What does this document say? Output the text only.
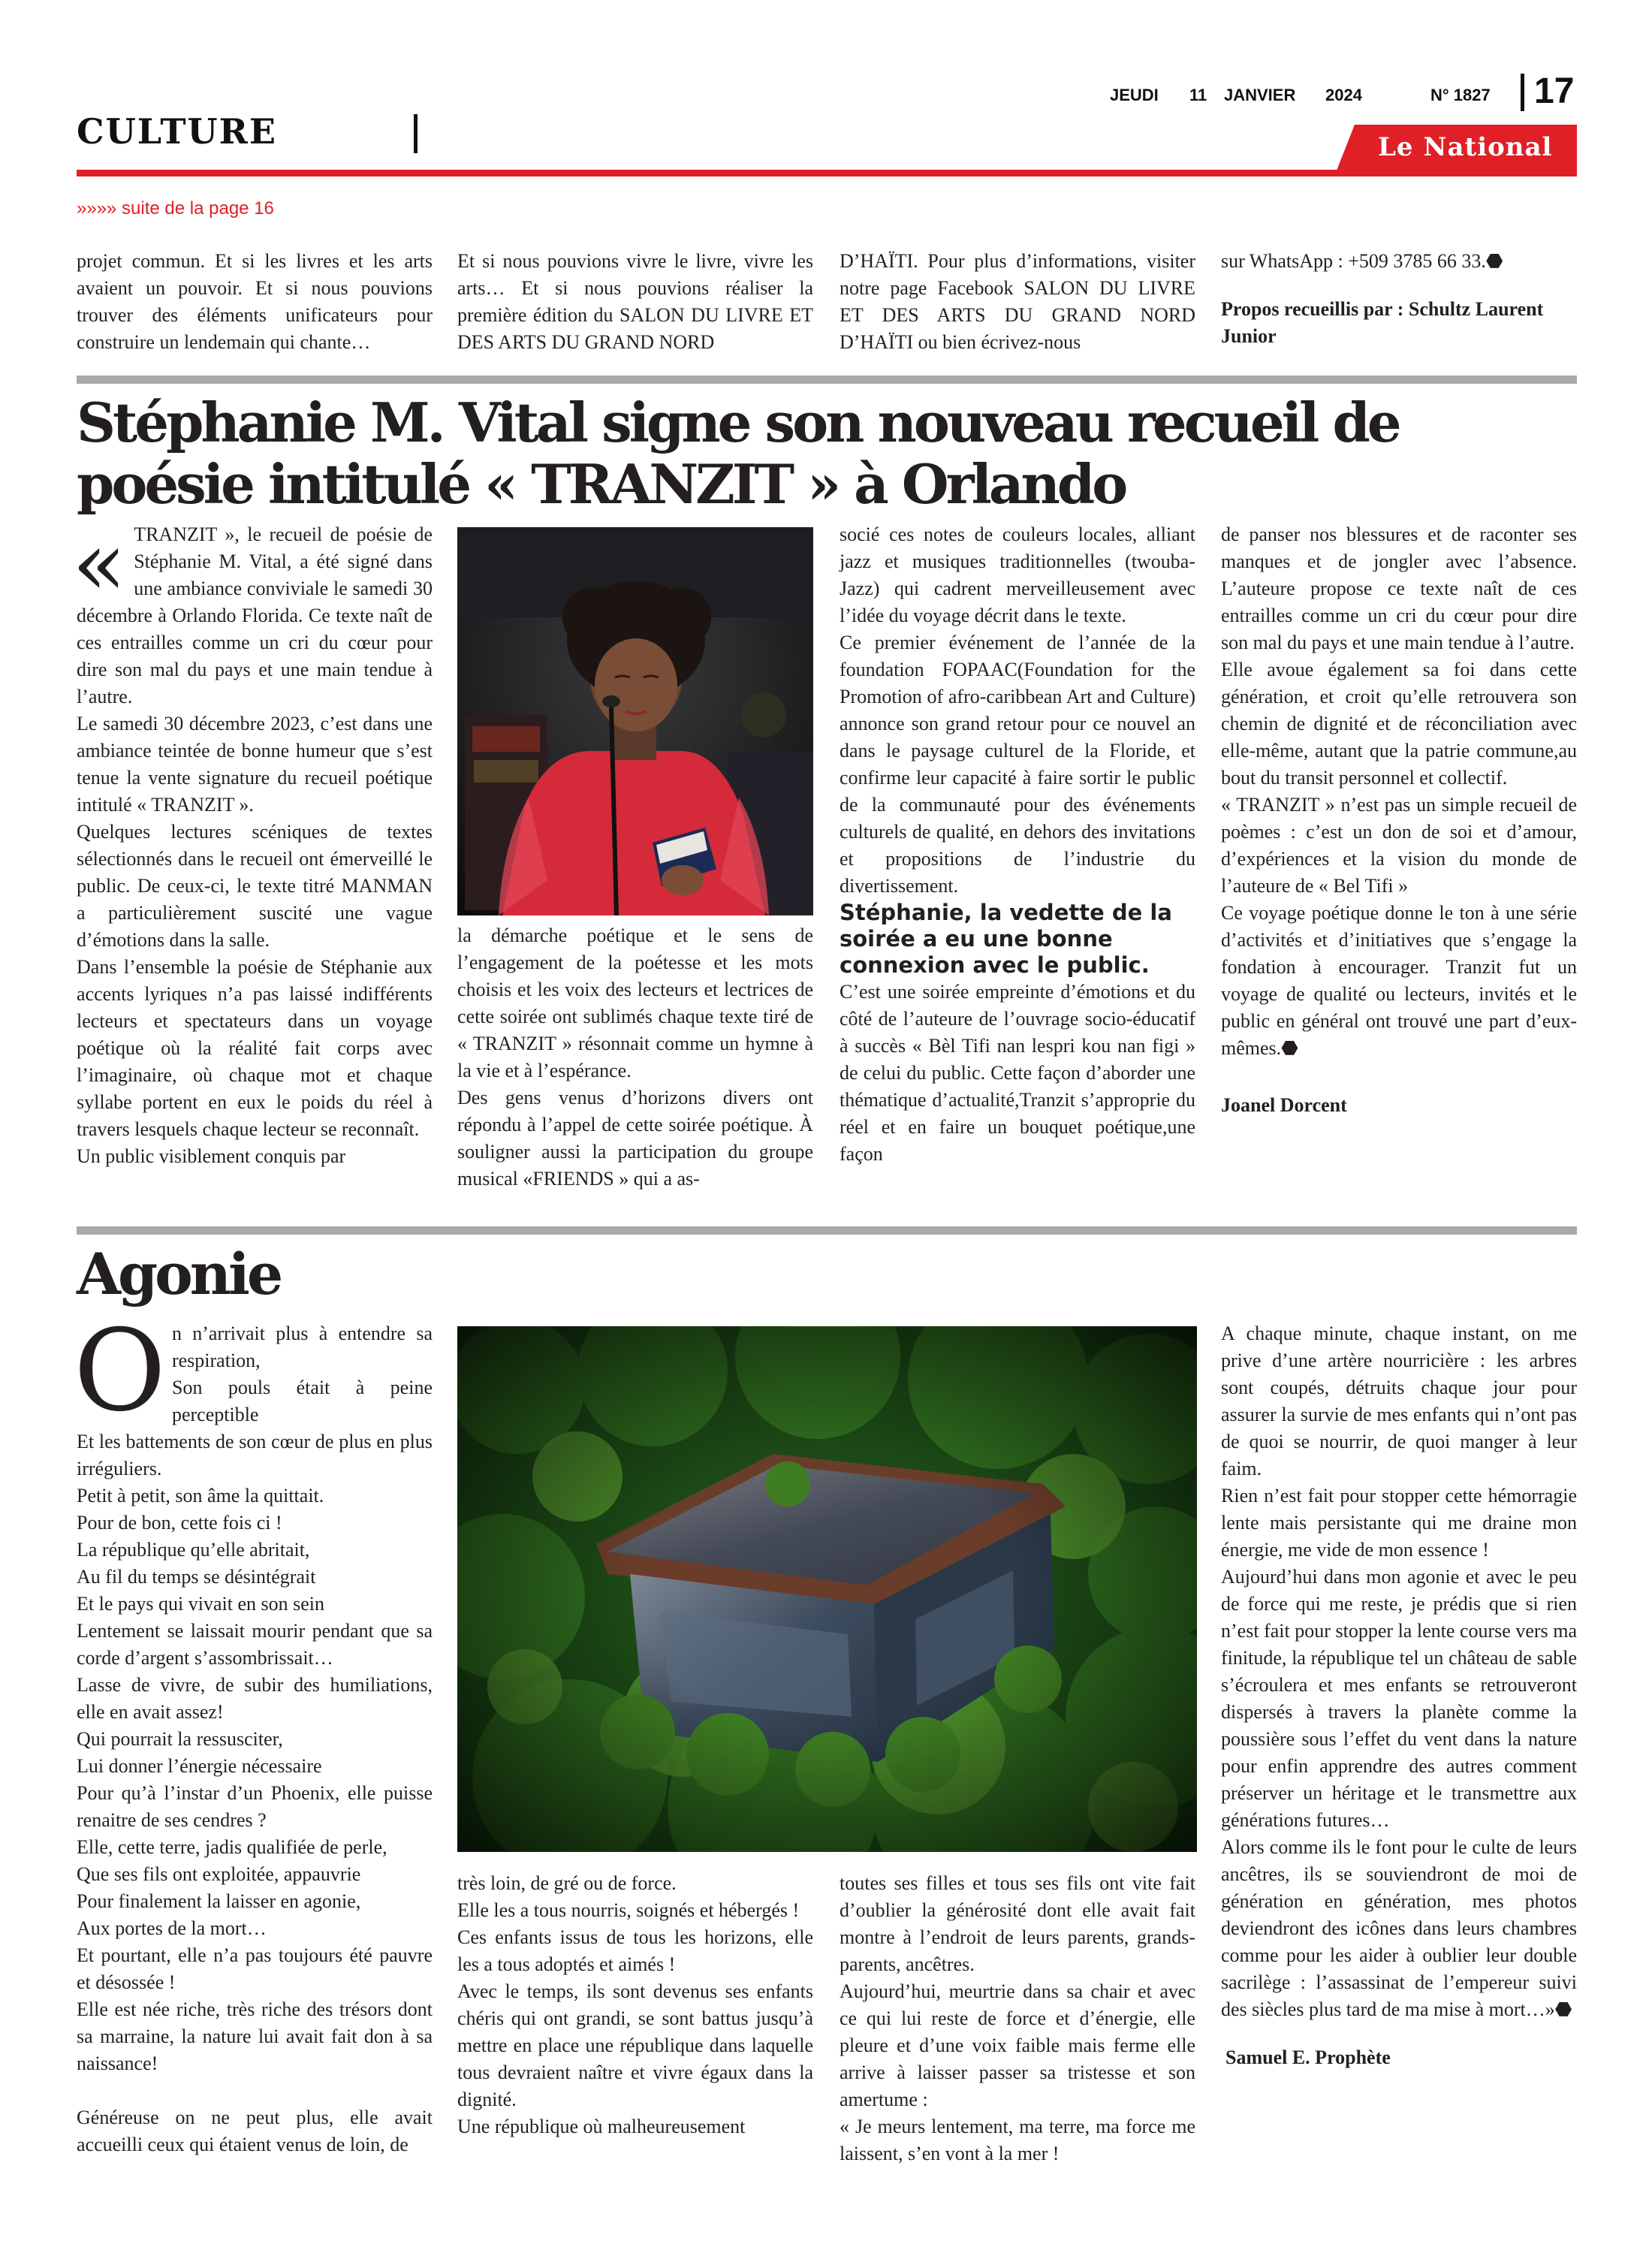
CULTURE
JEUDI 11 JANVIER 2024	N° 1827 17
Le National
»»»» suite de la page 16

projet commun. Et si les livres et les arts avaient un pouvoir. Et si nous pouvions trouver des éléments unificateurs pour construire un lendemain qui chante…

Et si nous pouvions vivre le livre, vivre les arts… Et si nous pouvions réaliser la première édition du SALON DU LIVRE ET DES ARTS DU GRAND NORD

D’HAÏTI. Pour plus d’informations, visiter notre page Facebook SALON DU LIVRE ET DES ARTS DU GRAND NORD D’HAÏTI ou bien écrivez-nous

sur WhatsApp : +509 3785 66 33.⬣

Propos recueillis par : Schultz Laurent Junior

Stéphanie M. Vital signe son nouveau recueil de poésie intitulé « TRANZIT » à Orlando

« TRANZIT », le recueil de poésie de Stéphanie M. Vital, a été signé dans une ambiance conviviale le samedi 30 décembre à Orlando Florida. Ce texte naît de ces entrailles comme un cri du cœur pour dire son mal du pays et une main tendue à l’autre.

Le samedi 30 décembre 2023, c’est dans une ambiance teintée de bonne humeur que s’est tenue la vente signature du recueil poétique intitulé « TRANZIT ».

Quelques lectures scéniques de textes sélectionnés dans le recueil ont émerveillé le public. De ceux-ci, le texte titré MANMAN a particulièrement suscité une vague d’émotions dans la salle.

Dans l’ensemble la poésie de Stéphanie aux accents lyriques n’a pas laissé indifférents lecteurs et spectateurs dans un voyage poétique où la réalité fait corps avec l’imaginaire, où chaque mot et chaque syllabe portent en eux le poids du réel à travers lesquels chaque lecteur se reconnaît.

Un public visiblement conquis par

la démarche poétique et le sens de l’engagement de la poétesse et les mots choisis et les voix des lecteurs et lectrices de cette soirée ont sublimés chaque texte tiré de « TRANZIT » résonnait comme un hymne à la vie et à l’espérance.

Des gens venus d’horizons divers ont répondu à l’appel de cette soirée poétique. À souligner aussi la participation du groupe musical «FRIENDS » qui a as-

socié ces notes de couleurs locales, alliant jazz et musiques traditionnelles (twouba-Jazz) qui cadrent merveilleusement avec l’idée du voyage décrit dans le texte.

Ce premier événement de l’année de la foundation FOPAAC(Foundation for the Promotion of afro-caribbean Art and Culture) annonce son grand retour pour ce nouvel an dans le paysage culturel de la Floride, et confirme leur capacité à faire sortir le public de la communauté pour des événements culturels de qualité, en dehors des invitations et propositions de l’industrie du divertissement.

Stéphanie, la vedette de la soirée a eu une bonne connexion avec le public.

C’est une soirée empreinte d’émotions et du côté de l’auteure de l’ouvrage socio-éducatif à succès « Bèl Tifi nan lespri kou nan figi » de celui du public. Cette façon d’aborder une thématique d’actualité,Tranzit s’approprie du réel et en faire un bouquet poétique,une façon

de panser nos blessures et de raconter ses manques et de jongler avec l’absence. L’auteure propose ce texte naît de ces entrailles comme un cri du cœur pour dire son mal du pays et une main tendue à l’autre.

Elle avoue également sa foi dans cette génération, et croit qu’elle retrouvera son chemin de dignité et de réconciliation avec elle-même, autant que la patrie commune,au bout du transit personnel et collectif.

« TRANZIT » n’est pas un simple recueil de poèmes : c’est un don de soi et d’amour, d’expériences et la vision du monde de l’auteure de « Bel Tifi »

Ce voyage poétique donne le ton à une série d’activités et d’initiatives que s’engage la fondation à encourager. Tranzit fut un voyage de qualité ou lecteurs, invités et le public en général ont trouvé une part d’eux-mêmes.⬣

Joanel Dorcent

Agonie

On n’arrivait plus à entendre sa respiration,

Son pouls était à peine perceptible

Et les battements de son cœur de plus en plus irréguliers.

Petit à petit, son âme la quittait.

Pour de bon, cette fois ci !

La république qu’elle abritait,

Au fil du temps se désintégrait

Et le pays qui vivait en son sein

Lentement se laissait mourir pendant que sa corde d’argent s’assombrissait…

Lasse de vivre, de subir des humiliations, elle en avait assez!

Qui pourrait la ressusciter,

Lui donner l’énergie nécessaire

Pour qu’à l’instar d’un Phoenix, elle puisse renaitre de ses cendres ?

Elle, cette terre, jadis qualifiée de perle,

Que ses fils ont exploitée, appauvrie

Pour finalement la laisser en agonie,

Aux portes de la mort…

Et pourtant, elle n’a pas toujours été pauvre et désossée !

Elle est née riche, très riche des trésors dont sa marraine, la nature lui avait fait don à sa naissance!

Généreuse on ne peut plus, elle avait accueilli ceux qui étaient venus de loin, de

très loin, de gré ou de force.

Elle les a tous nourris, soignés et hébergés !

Ces enfants issus de tous les horizons, elle les a tous adoptés et aimés !

Avec le temps, ils sont devenus ses enfants chéris qui ont grandi, se sont battus jusqu’à mettre en place une république dans laquelle tous devraient naître et vivre égaux dans la dignité.

Une république où malheureusement

toutes ses filles et tous ses fils ont vite fait d’oublier la générosité dont elle avait fait montre à l’endroit de leurs parents, grands-parents, ancêtres.

Aujourd’hui, meurtrie dans sa chair et avec ce qui lui reste de force et d’énergie, elle pleure et d’une voix faible mais ferme elle arrive à laisser passer sa tristesse et son amertume :

« Je meurs lentement, ma terre, ma force me laissent, s’en vont à la mer !

A chaque minute, chaque instant, on me prive d’une artère nourricière : les arbres sont coupés, détruits chaque jour pour assurer la survie de mes enfants qui n’ont pas de quoi se nourrir, de quoi manger à leur faim.

Rien n’est fait pour stopper cette hémorragie lente mais persistante qui me draine mon énergie, me vide de mon essence !

Aujourd’hui dans mon agonie et avec le peu de force qui me reste, je prédis que si rien n’est fait pour stopper la lente course vers ma finitude, la république tel un château de sable s’écroulera et mes enfants se retrouveront dispersés à travers la planète comme la poussière sous l’effet du vent dans la nature pour enfin apprendre des autres comment préserver un héritage et le transmettre aux générations futures…

Alors comme ils le font pour le culte de leurs ancêtres, ils se souviendront de moi de génération en génération, mes photos deviendront des icônes dans leurs chambres comme pour les aider à oublier leur double sacrilège : l’assassinat de l’empereur suivi des siècles plus tard de ma mise à mort…»⬣

Samuel E. Prophète
